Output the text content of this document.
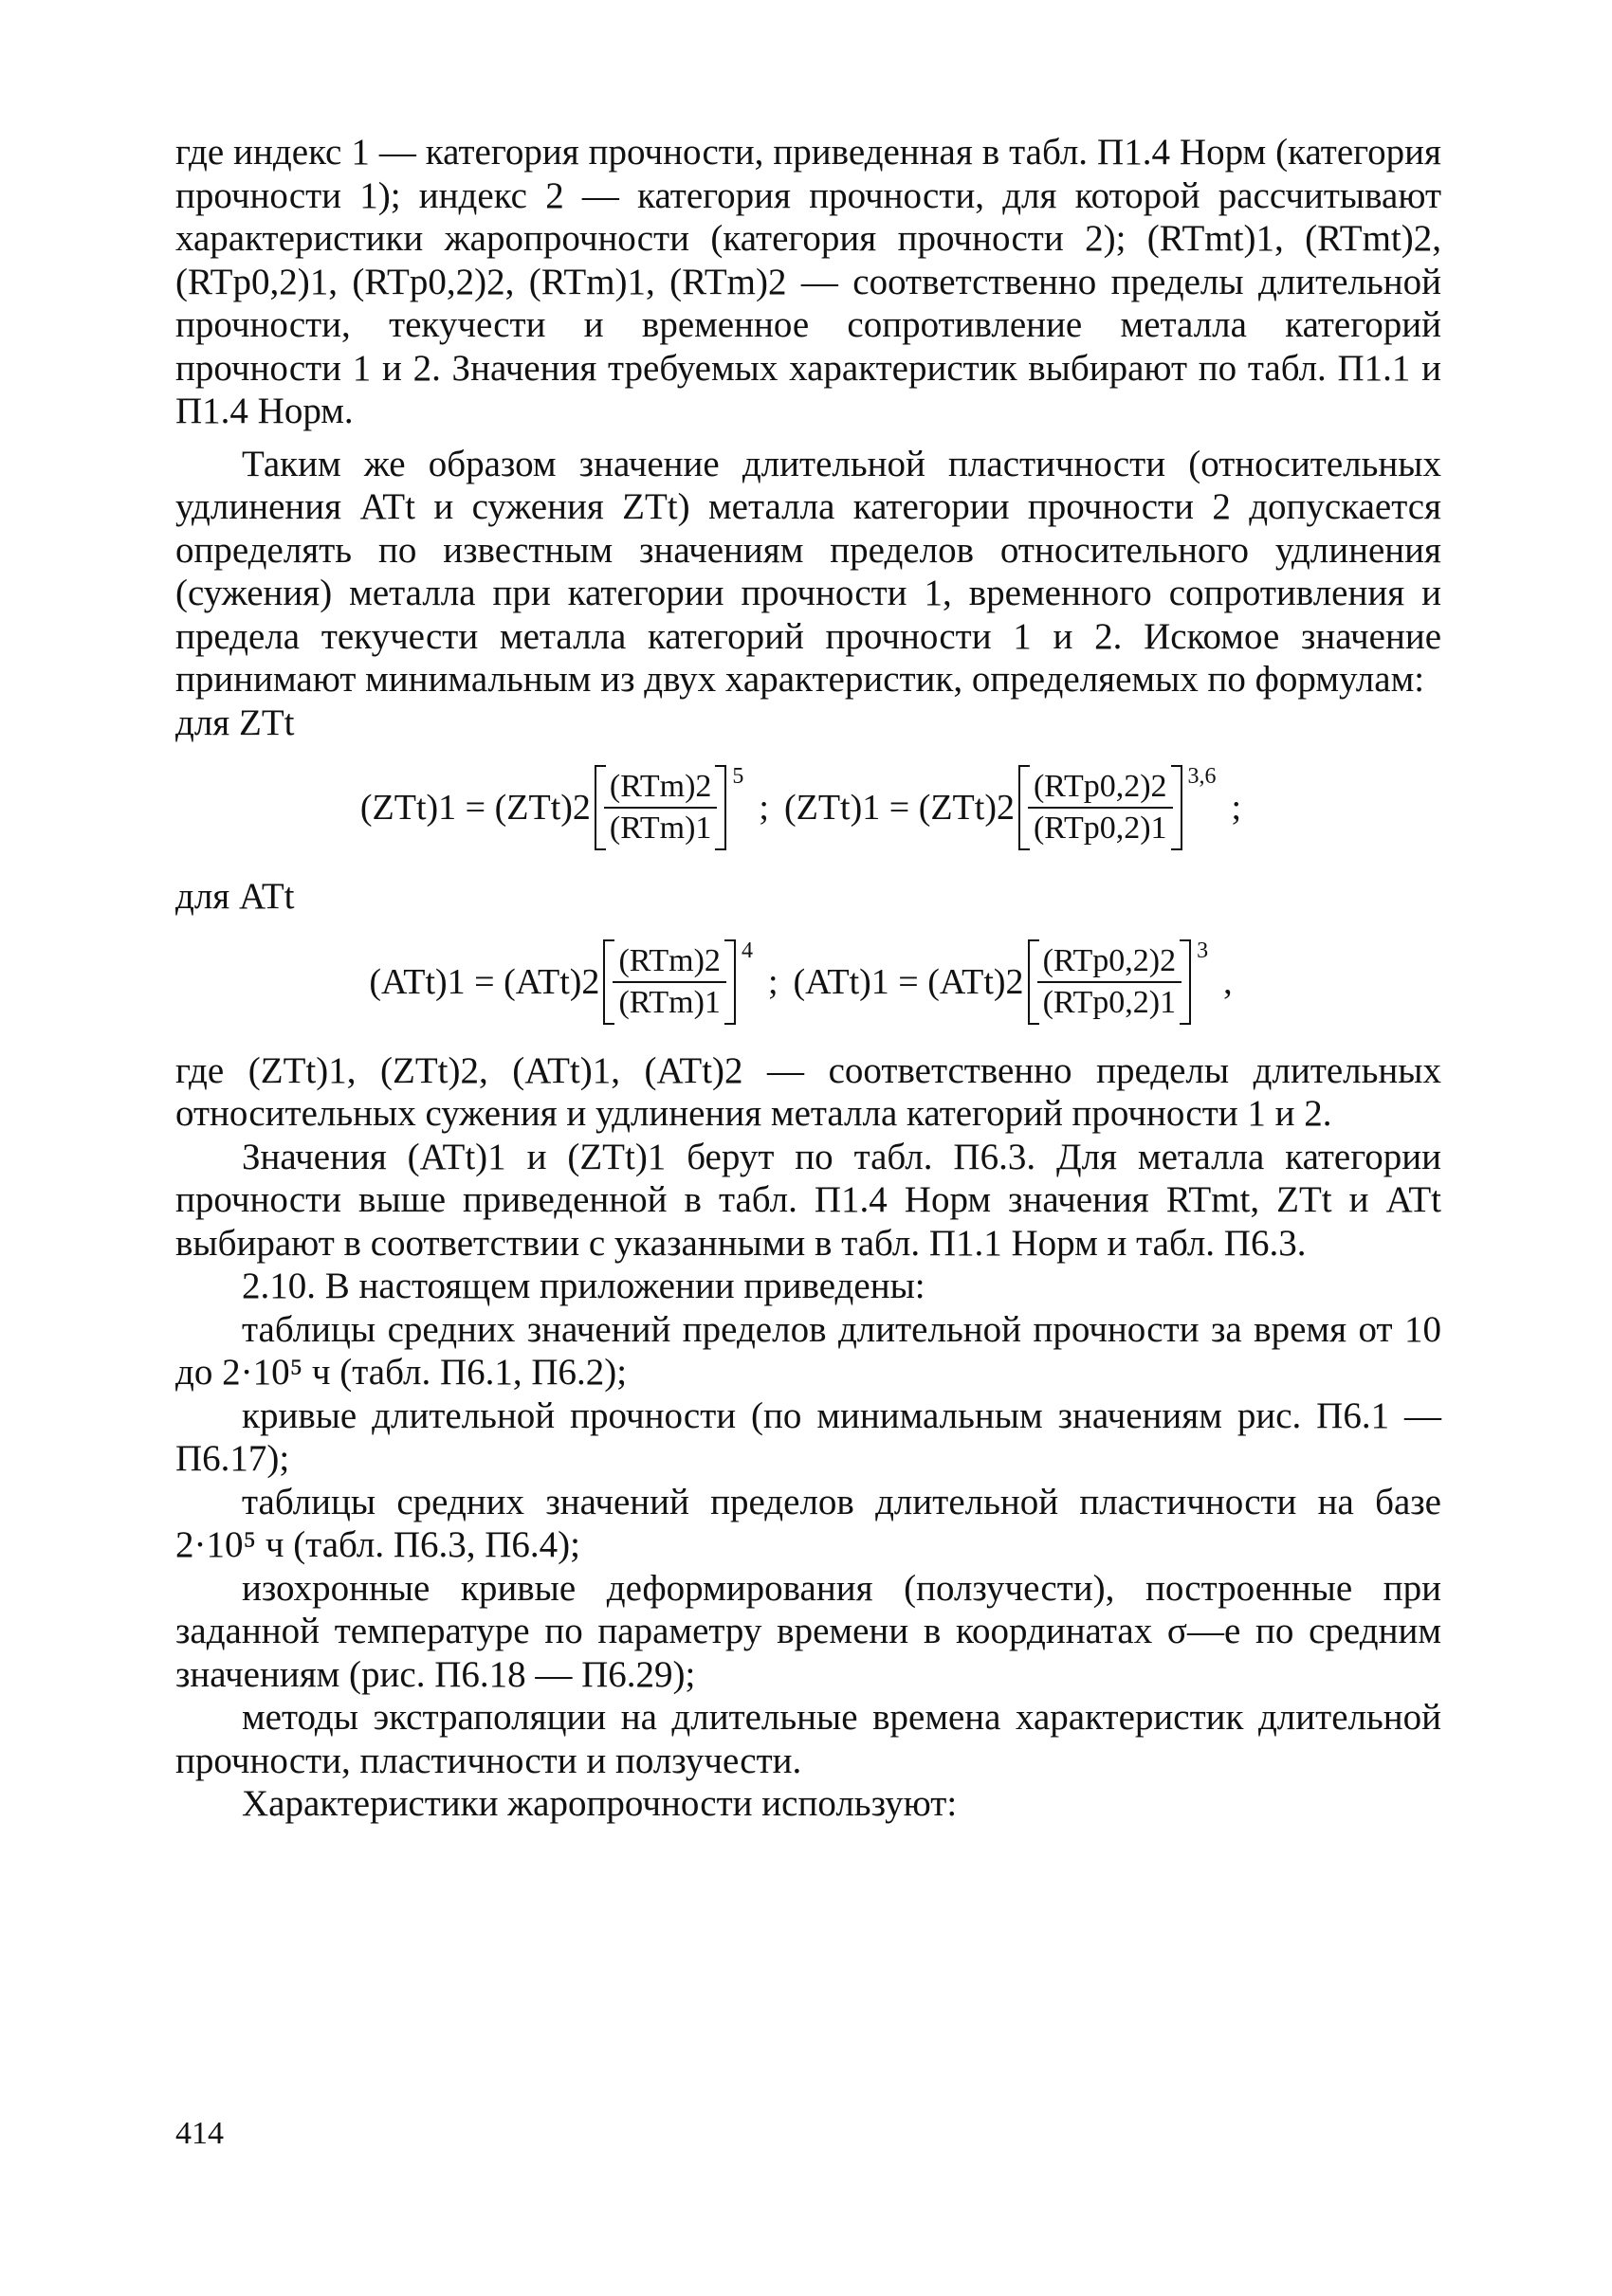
где индекс 1 — категория прочности, приведенная в табл. П1.4 Норм (категория прочности 1); индекс 2 — категория прочности, для которой рассчитывают характеристики жаропрочности (категория прочности 2); (RTmt)1, (RTmt)2, (RTp0,2)1, (RTp0,2)2, (RTm)1, (RTm)2 — соответственно пределы длительной прочности, текучести и временное сопротивление металла категорий прочности 1 и 2. Значения требуемых характеристик выбирают по табл. П1.1 и П1.4 Норм.

Таким же образом значение длительной пластичности (относительных удлинения ATt и сужения ZTt) металла категории прочности 2 допускается определять по известным значениям пределов относительного удлинения (сужения) металла при категории прочности 1, временного сопротивления и предела текучести металла категорий прочности 1 и 2. Искомое значение принимают минимальным из двух характеристик, определяемых по формулам:

для ZTt

$(ZTt)1 = (ZTt)2 \frac{\text{(RTm)2}}{\text{(RTm)1}} 5$
; $(ZTt)1 = (ZTt)2 \frac{\text{(RTp0,2)2}}{\text{(RTp0,2)1}} 3,6$
;

для ATt

$(ATt)1 = (ATt)2 \frac{\text{(RTm)2}}{\text{(RTm)1}} 4$
; $(ATt)1 = (ATt)2 \frac{\text{(RTp0,2)2}}{\text{(RTp0,2)1}} 3$
,

где (ZTt)1, (ZTt)2, (ATt)1, (ATt)2 — соответственно пределы длительных относительных сужения и удлинения металла категорий прочности 1 и 2.

Значения (ATt)1 и (ZTt)1 берут по табл. П6.3. Для металла категории прочности выше приведенной в табл. П1.4 Норм значения RTmt, ZTt и ATt выбирают в соответствии с указанными в табл. П1.1 Норм и табл. П6.3.

2.10. В настоящем приложении приведены:

таблицы средних значений пределов длительной прочности за время от 10 до 2·10⁵ ч (табл. П6.1, П6.2);

кривые длительной прочности (по минимальным значениям рис. П6.1 — П6.17);

таблицы средних значений пределов длительной пластичности на базе 2·10⁵ ч (табл. П6.3, П6.4);

изохронные кривые деформирования (ползучести), построенные при заданной температуре по параметру времени в координатах σ—e по средним значениям (рис. П6.18 — П6.29);

методы экстраполяции на длительные времена характеристик длительной прочности, пластичности и ползучести.

Характеристики жаропрочности используют:

414
